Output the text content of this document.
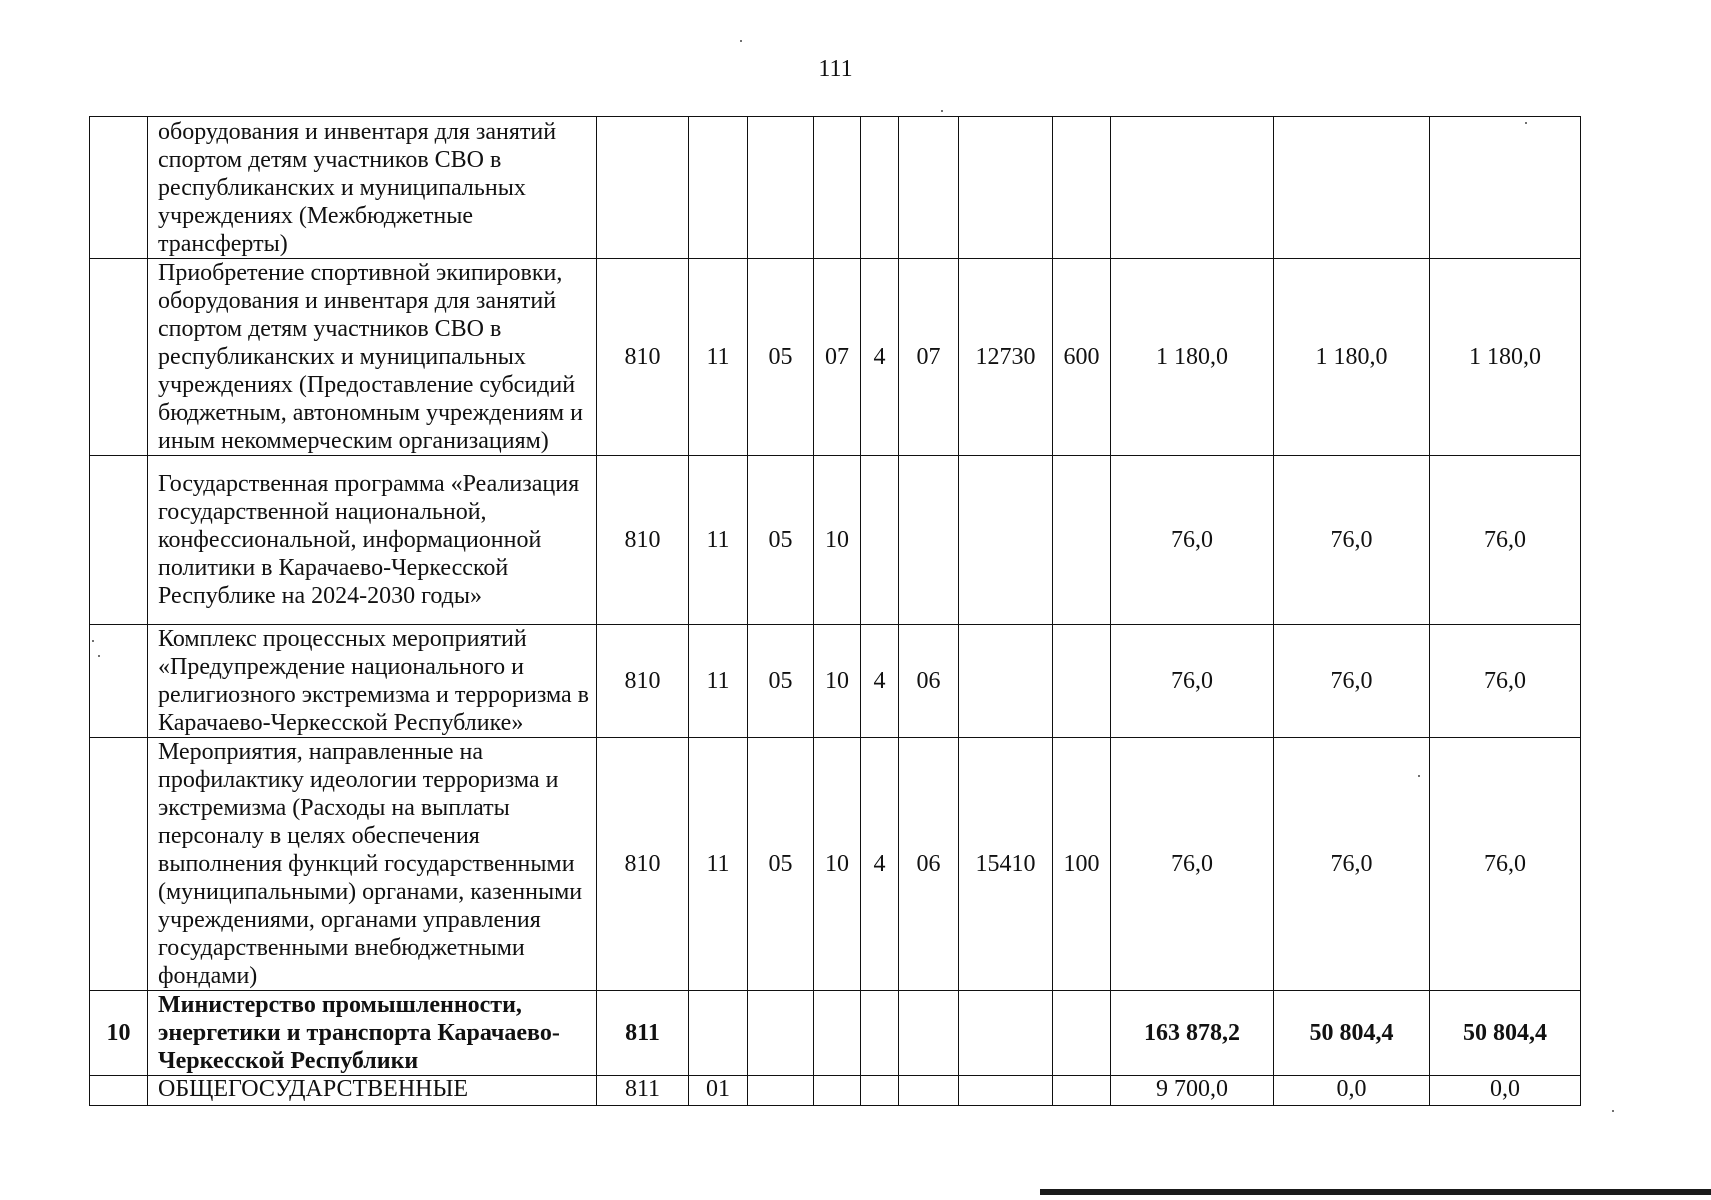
111
	оборудования и инвентаря для занятий спортом детям участников СВО в республиканских и муниципальных учреждениях (Межбюджетные трансферты)											
	Приобретение спортивной экипировки, оборудования и инвентаря для занятий спортом детям участников СВО в республиканских и муниципальных учреждениях (Предоставление субсидий бюджетным, автономным учреждениям и иным некоммерческим организациям)	810	11	05	07	4	07	12730	600	1 180,0	1 180,0	1 180,0
	Государственная программа «Реализация государственной национальной, конфессиональной, информационной политики в Карачаево-Черкесской Республике на 2024-2030 годы»	810	11	05	10					76,0	76,0	76,0
	Комплекс процессных мероприятий «Предупреждение национального и религиозного экстремизма и терроризма в Карачаево-Черкесской Республике»	810	11	05	10	4	06			76,0	76,0	76,0
	Мероприятия, направленные на профилактику идеологии терроризма и экстремизма (Расходы на выплаты персоналу в целях обеспечения выполнения функций государственными (муниципальными) органами, казенными учреждениями, органами управления государственными внебюджетными фондами)	810	11	05	10	4	06	15410	100	76,0	76,0	76,0
10	Министерство промышленности, энергетики и транспорта Карачаево-Черкесской Республики	811								163 878,2	50 804,4	50 804,4
	ОБЩЕГОСУДАРСТВЕННЫЕ	811	01							9 700,0	0,0	0,0
